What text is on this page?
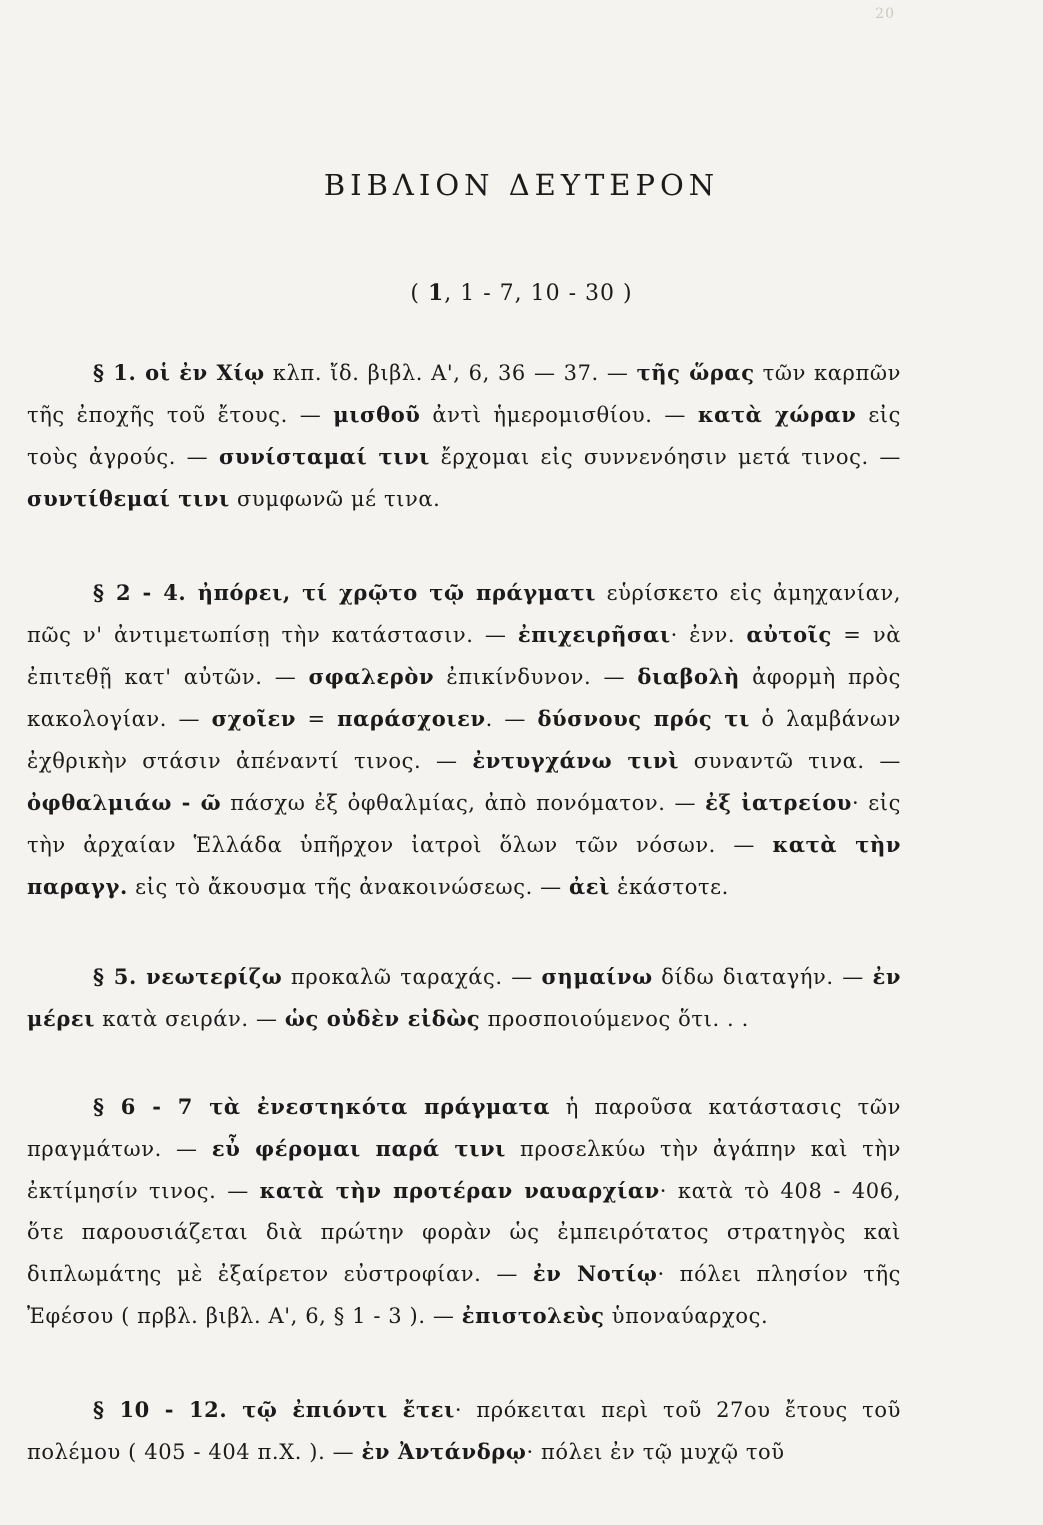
20
ΒΙΒΛΙΟΝ ΔΕΥΤΕΡΟΝ
( 1, 1 - 7, 10 - 30 )

§ 1. οἱ ἐν Χίῳ κλπ. ἴδ. βιβλ. Α', 6, 36 — 37. — τῆς ὥρας τῶν καρπῶν τῆς ἐποχῆς τοῦ ἔτους. — μισθοῦ ἀντὶ ἡμερομισθίου. — κατὰ χώραν εἰς τοὺς ἀγρούς. — συνίσταμαί τινι ἔρχομαι εἰς συννενόησιν μετά τινος. — συντίθεμαί τινι συμφωνῶ μέ τινα.

§ 2 - 4. ἠπόρει, τί χρῷτο τῷ πράγματι εὑρίσκετο εἰς ἀμηχανίαν, πῶς ν' ἀντιμετωπίσῃ τὴν κατάστασιν. — ἐπιχειρῆσαι· ἐνν. αὐτοῖς = νὰ ἐπιτεθῇ κατ' αὐτῶν. — σφαλερὸν ἐπικίνδυνον. — διαβολὴ ἀφορμὴ πρὸς κακολογίαν. — σχοῖεν = παράσχοιεν. — δύσνους πρός τι ὁ λαμβάνων ἐχθρικὴν στάσιν ἀπέναντί τινος. — ἐντυγχάνω τινὶ συναντῶ τινα. — ὀφθαλμιάω - ῶ πάσχω ἐξ ὀφθαλμίας, ἀπὸ πονόματον. — ἐξ ἰατρείου· εἰς τὴν ἀρχαίαν Ἑλλάδα ὑπῆρχον ἰατροὶ ὅλων τῶν νόσων. — κατὰ τὴν παραγγ. εἰς τὸ ἄκουσμα τῆς ἀνακοινώσεως. — ἀεὶ ἑκάστοτε.

§ 5. νεωτερίζω προκαλῶ ταραχάς. — σημαίνω δίδω διαταγήν. — ἐν μέρει κατὰ σειράν. — ὡς οὐδὲν εἰδὼς προσποιούμενος ὅτι. . .

§ 6 - 7 τὰ ἐνεστηκότα πράγματα ἡ παροῦσα κατάστασις τῶν πραγμάτων. — εὖ φέρομαι παρά τινι προσελκύω τὴν ἀγάπην καὶ τὴν ἐκτίμησίν τινος. — κατὰ τὴν προτέραν ναυαρχίαν· κατὰ τὸ 408 - 406, ὅτε παρουσιάζεται διὰ πρώτην φορὰν ὡς ἐμπειρότατος στρατηγὸς καὶ διπλωμάτης μὲ ἐξαίρετον εὐστροφίαν. — ἐν Νοτίῳ· πόλει πλησίον τῆς Ἐφέσου ( πρβλ. βιβλ. Α', 6, § 1 - 3 ). — ἐπιστολεὺς ὑποναύαρχος.

§ 10 - 12. τῷ ἐπιόντι ἔτει· πρόκειται περὶ τοῦ 27ου ἔτους τοῦ πολέμου ( 405 - 404 π.Χ. ). — ἐν Ἀντάνδρῳ· πόλει ἐν τῷ μυχῷ τοῦ
